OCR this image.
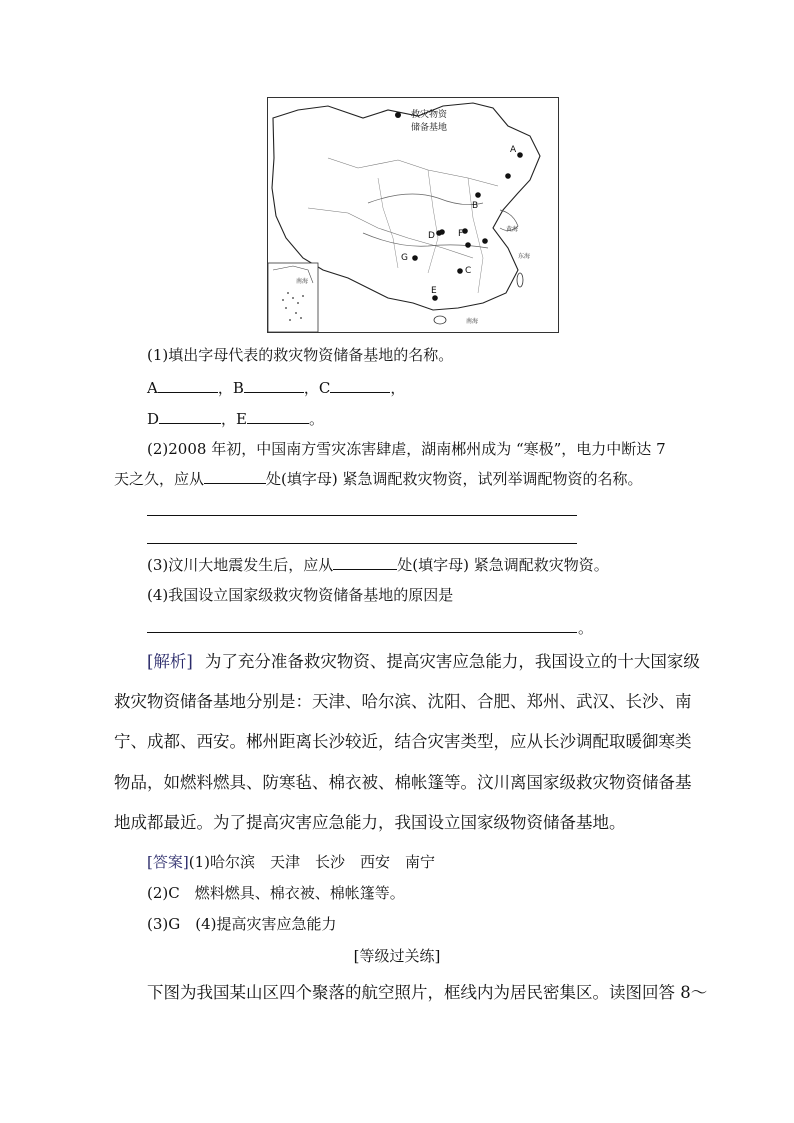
南海
救灾物资
储备基地
A
B
F
D
G
C
E
黄海
东海
南海
(1)填出字母代表的救灾物资储备基地的名称。
A	，B	，C	，
D	，E	。
(2)2008 年初，中国南方雪灾冻害肆虐，湖南郴州成为 “寒极”，电力中断达 7
天之久，应从	处(填字母) 紧急调配救灾物资，试列举调配物资的名称。
(3)汶川大地震发生后，应从	处(填字母) 紧急调配救灾物资。
(4)我国设立国家级救灾物资储备基地的原因是
。
[解析] 为了充分准备救灾物资、提高灾害应急能力，我国设立的十大国家级
救灾物资储备基地分别是：天津、哈尔滨、沈阳、合肥、郑州、武汉、长沙、南
宁、成都、西安。郴州距离长沙较近，结合灾害类型，应从长沙调配取暖御寒类
物品，如燃料燃具、防寒毡、棉衣被、棉帐篷等。汶川离国家级救灾物资储备基
地成都最近。为了提高灾害应急能力，我国设立国家级物资储备基地。
[答案](1)哈尔滨　天津　长沙　西安　南宁
(2)C　燃料燃具、棉衣被、棉帐篷等。
(3)G　(4)提高灾害应急能力
[等级过关练]
下图为我国某山区四个聚落的航空照片，框线内为居民密集区。读图回答 8～
